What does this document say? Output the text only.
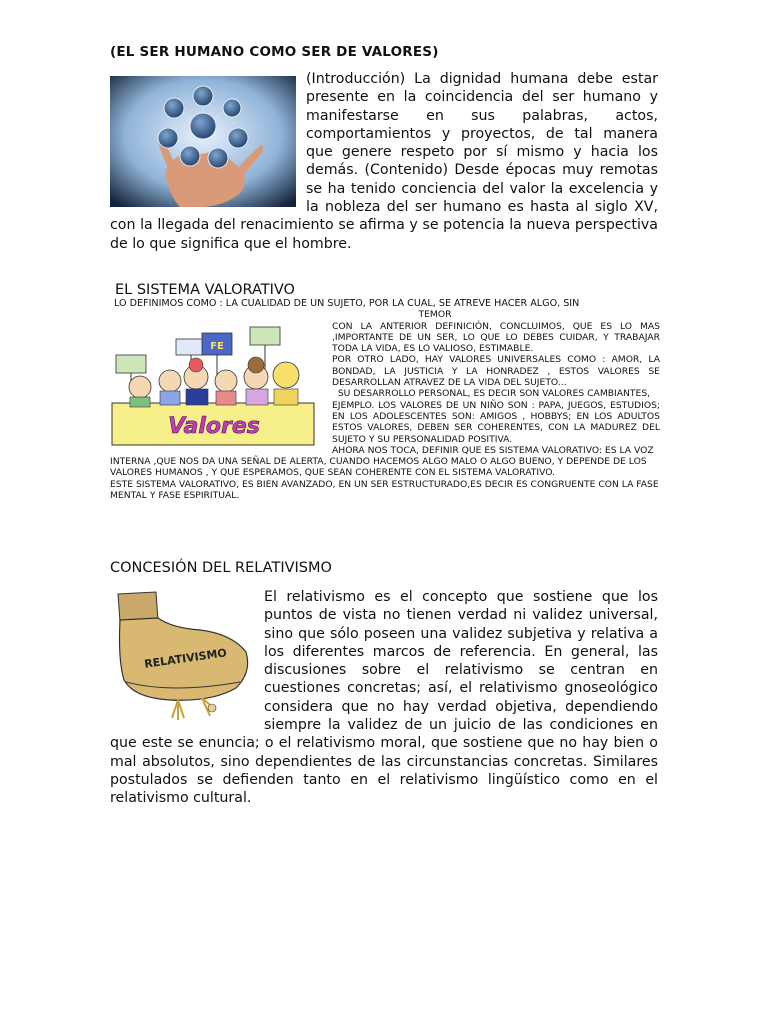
(EL SER HUMANO COMO SER DE VALORES)
(Introducción) La dignidad humana debe estar presente en la coincidencia del ser humano y manifestarse en sus palabras, actos, comportamientos y proyectos, de tal manera que genere respeto por sí mismo y hacia los demás. (Contenido) Desde épocas muy remotas se ha tenido conciencia del valor la excelencia y la nobleza del ser humano es hasta al siglo XV, con la llegada del renacimiento se afirma y se potencia la nueva perspectiva de lo que significa que el hombre.
EL SISTEMA VALORATIVO

LO DEFINIMOS COMO : LA CUALIDAD DE UN SUJETO, POR LA CUAL, SE ATREVE HACER ALGO, SIN

TEMOR

FE
Valores

CON LA ANTERIOR DEFINICIÓN, CONCLUIMOS, QUE ES LO MAS ,IMPORTANTE DE UN SER, LO QUE LO DEBES CUIDAR, Y TRABAJAR TODA LA VIDA, ES LO VALIOSO, ESTIMABLE.

POR OTRO LADO, HAY VALORES UNIVERSALES COMO : AMOR, LA BONDAD, LA JUSTICIA Y LA HONRADEZ , ESTOS VALORES SE DESARROLLAN ATRAVEZ DE LA VIDA DEL SUJETO...

SU DESARROLLO PERSONAL, ES DECIR SON VALORES CAMBIANTES,

EJEMPLO. LOS VALORES DE UN NIÑO SON : PAPA, JUEGOS, ESTUDIOS; EN LOS ADOLESCENTES SON: AMIGOS , HOBBYS; EN LOS ADULTOS ESTOS VALORES, DEBEN SER COHERENTES, CON LA MADUREZ DEL SUJETO Y SU PERSONALIDAD POSITIVA.

AHORA NOS TOCA, DEFINIR QUE ES SISTEMA VALORATIVO: ES LA VOZ INTERNA ,QUE NOS DA UNA SEÑAL DE ALERTA, CUANDO HACEMOS ALGO MALO O ALGO BUENO, Y DEPENDE DE LOS VALORES HUMANOS , Y QUE ESPERAMOS, QUE SEAN COHERENTE CON EL SISTEMA VALORATIVO.

ESTE SISTEMA VALORATIVO, ES BIEN AVANZADO, EN UN SER ESTRUCTURADO,ES DECIR ES CONGRUENTE CON LA FASE MENTAL Y FASE ESPIRITUAL.

CONCESIÓN DEL RELATIVISMO
RELATIVISMO
El relativismo es el concepto que sostiene que los puntos de vista no tienen verdad ni validez universal, sino que sólo poseen una validez subjetiva y relativa a los diferentes marcos de referencia. En general, las discusiones sobre el relativismo se centran en cuestiones concretas; así, el relativismo gnoseológico considera que no hay verdad objetiva, dependiendo siempre la validez de un juicio de las condiciones en que este se enuncia; o el relativismo moral, que sostiene que no hay bien o mal absolutos, sino dependientes de las circunstancias concretas. Similares postulados se defienden tanto en el relativismo lingüístico como en el relativismo cultural.
